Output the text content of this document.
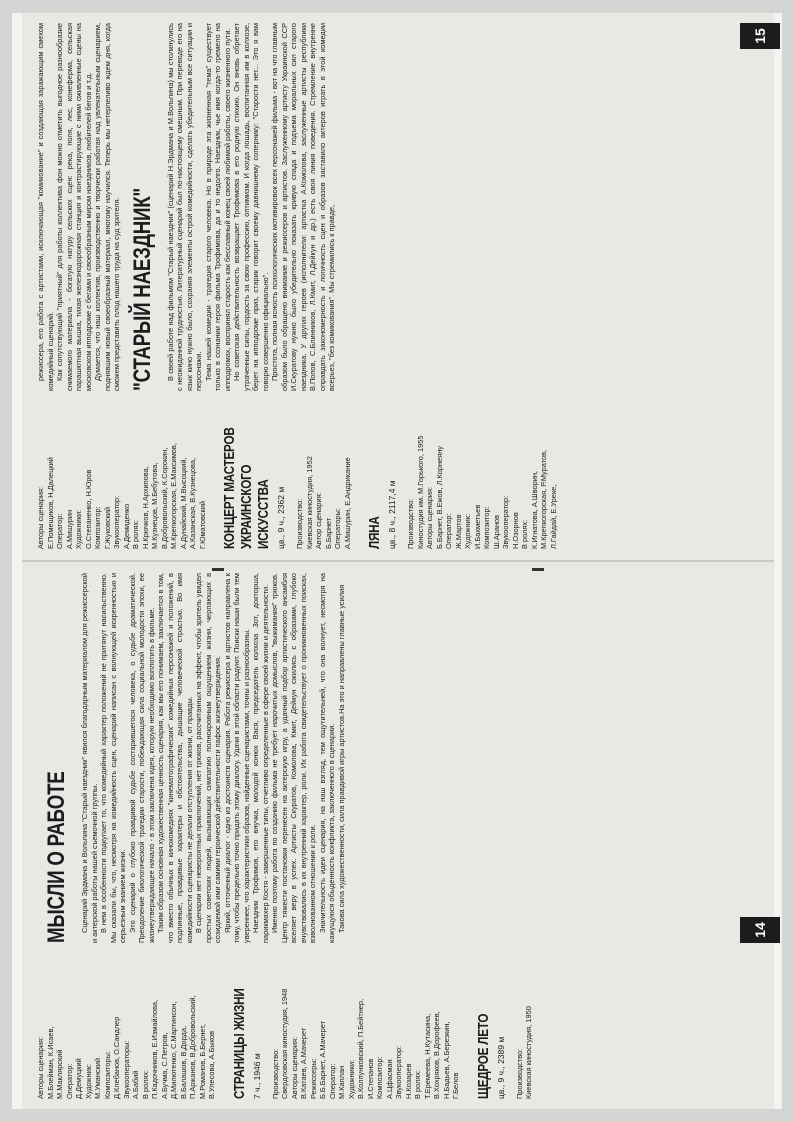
Авторы сценария: М.Блейман, К.Исаев, М.Маклярский Оператор: Д.Демуцкий Художник: М.Уманский Композиторы: Д.Клебанов, О.Сандлер Звукооператоры: А.Бабий В ролях: П.Кадочников, Е.Измайлова, А.Бучма, С.Петров, Д.Милютенко, С.Мартинсон, В.Балашов, В.Дорда, П.Аржанов, В.Добровольский, М.Романов, Б.Бернет, В.Улесова, А.Быков СТРАНИЦЫ ЖИЗНИ 7 ч., 1946 м Производство: Свердловская киностудия, 1948 Авторы сценария: В.Катаев, А.Мачерет Режиссеры: Б.Б.Барнет, А.Мачерет Оператор: М.Каплан Художники: В.Колпунковский, П.Бейтнер, И.Степанов Композитор: А.Цфасман Звукооператор: Н.Козарев В ролях: Т.Еремеева, Н.Кутасина, В.Хохряков, В.Дорофеев, Н.Бадьев, А.Березкин, Г.Белов ЩЕДРОЕ ЛЕТО цв., 9 ч., 2389 м Производство: Киевская киностудия, 1950
МЫСЛИ О РАБОТЕ Сценарий Эрдмана и Вольпина "Старый наездник" явился благодарным материалом для режиссерской и актерской работы нашей съемочной группы. В нем в особенности подкупает то, что комедийный характер положений не притянут насильственно. Мы сказали бы, что, несмотря на комедийность сцен, сценарий написан с волнующей искренностью и серьезным знанием жизни. Это сценарий о глубоко правдивой судьбе состарившегося человека, о судьбе драматической. Преодоление биологической трагедии старости, побеждающая сила социальной молодости эпохи, ее жизнеутверждающее начало - в этом заключена идея, которую необходимо воплотить в фильме. Таким образом основная художественная ценность сценария, как мы его понимаем, заключается в том, что вместо обычных в кинокомедиях "кинематографических" комедийных персонажей и положений, в подлинные, правдивые характеры и обстоятельства, дышащие человеческой страстью. Во имя комедийности сценаристы не делали отступления от жизни, от правды. В сценарии нет невероятных приключений, нет трюков, рассчитанных на эффект, чтобы зритель увидел простых советских людей, вызывающих симпатию полнокровным ощущением жизни, черпающих в созидаемой ими самими героической действительности пафос жизнеутверждения. Яркий, отточенный диалог - одно из достоинств сценария. Работа режиссера и артистов направлена к тому, чтобы предельно точно придать этому диалогу. Удачи в этой области радуют. Поиски наши были тем увереннее, что характеристики образов, найденные сценаристами, точны и разнообразны. Наездник Трофимов, его внучка, молодой конюх Вася, председатель колхоза Зот, докторша, парикмахер Костя - завершенные типы, отчетливо определенные в сфере своей жизни и деятельности. Именно поэтому работа по созданию фильма не требует нарочитых домыслов, "выжимания" трюков. Центр тяжести постановки перенесен на актерскую игру, а удачный подбор артистического ансамбля вселяет веру в успех. Артисты Скуратов, Комолова, Кмит, Дейкун сжились с образами, глубоко вчувствовались в их внутренний характер, роли. Их работа свидетельствует о проникновенных поисках, взволнованном отношении к роли. Значительность идеи сценария, на наш взгляд, тем ощутительней, что она волнует, несмотря на кажущуюся обыденность конфликта, заключенного в сценарии. Такова сила художественности, сила правдивой игры артистов.На это и направлены главные усилия	14
Авторы сценария: Е.Помещиков, Н.Далецкий Оператор: А.Мишурин Художники: О.Степаненко, Н.Юров Композитор: Г.Жуковский Звукооператор: А.Демиденко В ролях: Н.Крючков, Н.Архипова, М.Кузнецов, М.Бебутова, В.Добровольский, К.Сорокин, М.Крепкогорская, Е.Максимов, А.Дунайский, М.Высоцкий, А.Казанская, В.Кузнецова, Г.Юматовский КОНЦЕРТ МАСТЕРОВ УКРАИНСКОГО ИСКУССТВА цв., 9 ч., 2362 м Производство: Киевская киностудия, 1952 Автор сценария: Б.Барнет Операторы: А.Мишурин, Е.Андрикание ЛЯНА цв., 8 ч., 2117,4 м Производство: Киностудия им. М.Горького, 1955 Авторы сценария: Б.Барнет, В.Ежов, Л.Корнеяну Оператор: Ж.Мартов Художник: И.Бахметьев Композитор: Ш.Аранов Звукооператор: Н.Озорнов В ролях: К.Игнатова, А.Шворин, М.Крепкогорская, Р.Муратов, Л.Гайдай, Е.Уреке,

режиссера, его работа с артистами, исключающая "комикование" и создающая заражающим смехом комедийный сценарий. Как сопутствующий "приятный" для работы коллектива фон можно отметить выгодное разнообразие снимаемого материала - богатую натуру сельских сцен: река, поля, лес, конеферма, сельская парашютная вышка, тихая железнодорожная станция и контрастирующие с ними оживленные сцены на московском ипподроме с бегами и своеобразным миром наездников, любителей бегов и т.д. Думается, что наш коллектив, производственно и творчески работая над увлекательным сценарием, поднявшим новый своеобразный материал, многому научился. Теперь мы нетерпеливо ждем дня, когда сможем представить плод нашего труда на суд зрителя. "СТАРЫЙ НАЕЗДНИК" В своей работе над фильмом "Старый наездник" (сценарий Н.Эрдмана и М.Вольпина) мы столкнулись с неожиданной трудностью. Литературный сценарий был по-настоящему смешным. При переводе его на язык кино нужно было, сохраняя элементы острой комедийности, сделать убедительным все ситуации и персонажи. Тема нашей комедии - трагедия старого человека. Но в природе эта жизненная "тема" существует только в сознании героя фильма Трофимова, да и то недолго. Наездник, чье имя когда-то гремело на ипподромах, воспринял старость как бесславный конец своей любимой работы, своего жизненного пути. Но советская действительность возвращает Трофимова в его родную стихию. Он вновь обретает утраченные силы, гордость за свою профессию, оптимизм. И когда лошадь, воспитанная им в колхозе, берет на ипподроме приз, старик говорит своему давнишнему сопернику: "Старости нет... Это я вам говорю совершенно официально". Простота, полная ясность психологических мотивировок всех персонажей фильма - вот на что главным образом было обращено внимание и режиссеров и артистов. Заслуженному артисту Украинской ССР И.Скуратову нужно было убедительно показать кривую спада и подъема моральных сил старого наездника. У других героев (исполнители: артистка А.Комолова, заслуженные артисты республики В.Попов, С.Блинников, Л.Кмит, Л.Дейкун и др.) есть своя линия поведения. Стремление внутренне оправдать закономерность и логичность сцен и образов заставило актеров играть в этой комедии всерьез, "без комикования". Мы стремились к правде,

15
